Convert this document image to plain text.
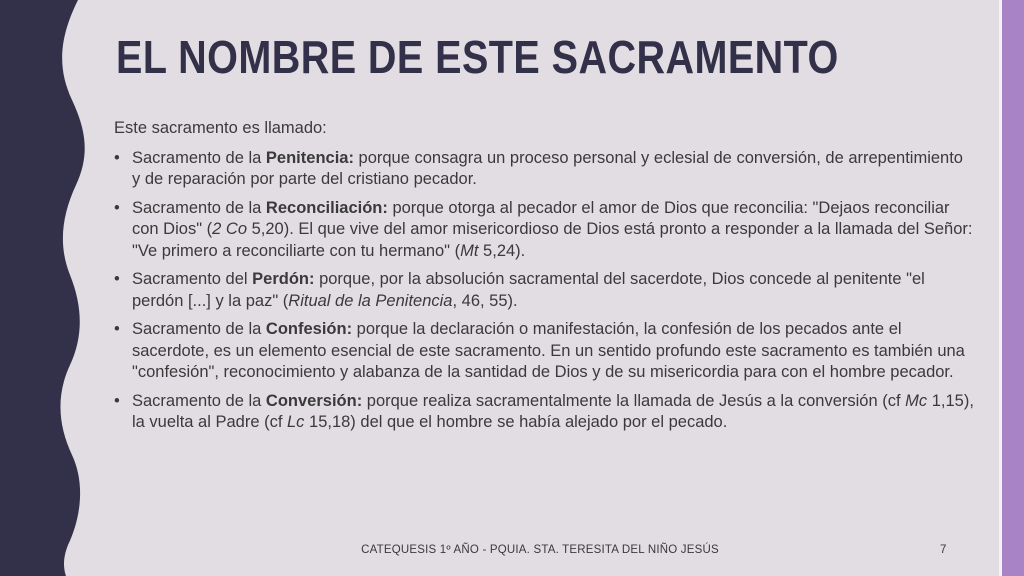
EL NOMBRE DE ESTE SACRAMENTO

Este sacramento es llamado:

• Sacramento de la Penitencia: porque consagra un proceso personal y eclesial de conversión, de arrepentimiento y de reparación por parte del cristiano pecador.
• Sacramento de la Reconciliación: porque otorga al pecador el amor de Dios que reconcilia: "Dejaos reconciliar con Dios" (2 Co 5,20). El que vive del amor misericordioso de Dios está pronto a responder a la llamada del Señor: "Ve primero a reconciliarte con tu hermano" (Mt 5,24).
• Sacramento del Perdón: porque, por la absolución sacramental del sacerdote, Dios concede al penitente "el perdón [...] y la paz" (Ritual de la Penitencia, 46, 55).
• Sacramento de la Confesión: porque la declaración o manifestación, la confesión de los pecados ante el sacerdote, es un elemento esencial de este sacramento. En un sentido profundo este sacramento es también una "confesión", reconocimiento y alabanza de la santidad de Dios y de su misericordia para con el hombre pecador.
• Sacramento de la Conversión: porque realiza sacramentalmente la llamada de Jesús a la conversión (cf Mc 1,15), la vuelta al Padre (cf Lc 15,18) del que el hombre se había alejado por el pecado.
CATEQUESIS 1º AÑO - PQUIA. STA. TERESITA DEL NIÑO JESÚS	7
